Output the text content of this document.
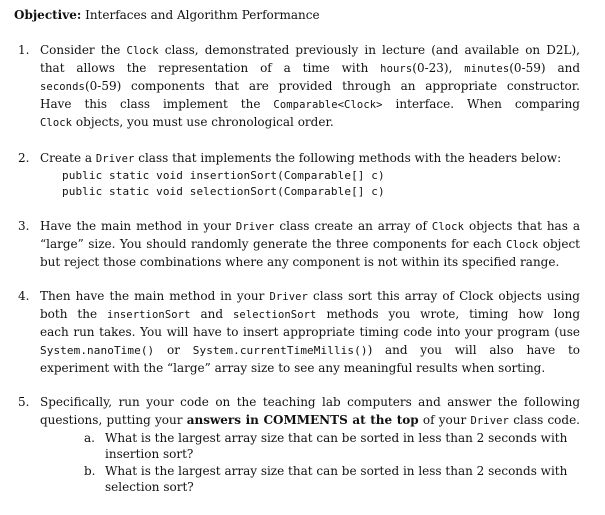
Objective: Interfaces and Algorithm Performance
1. Consider the Clock class, demonstrated previously in lecture (and available on D2L),
that allows the representation of a time with hours(0-23), minutes(0-59) and
seconds(0-59) components that are provided through an appropriate constructor.
Have this class implement the Comparable<Clock> interface. When comparing
Clock objects, you must use chronological order.
2. Create a Driver class that implements the following methods with the headers below:
public static void insertionSort(Comparable[] c)
public static void selectionSort(Comparable[] c)
3. Have the main method in your Driver class create an array of Clock objects that has a
“large” size. You should randomly generate the three components for each Clock object
but reject those combinations where any component is not within its specified range.
4. Then have the main method in your Driver class sort this array of Clock objects using
both the insertionSort and selectionSort methods you wrote, timing how long
each run takes. You will have to insert appropriate timing code into your program (use
System.nanoTime() or System.currentTimeMillis()) and you will also have to
experiment with the “large” array size to see any meaningful results when sorting.
5. Specifically, run your code on the teaching lab computers and answer the following
questions, putting your answers in COMMENTS at the top of your Driver class code.
a. What is the largest array size that can be sorted in less than 2 seconds with
insertion sort?
b. What is the largest array size that can be sorted in less than 2 seconds with
selection sort?
